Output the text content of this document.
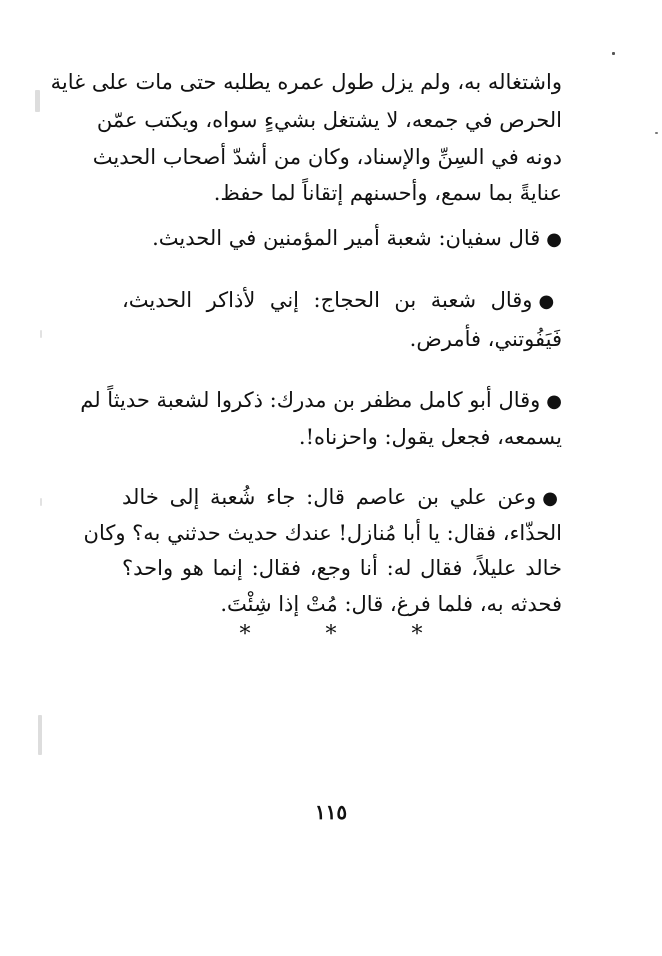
واشتغاله به، ولم يزل طول عمره يطلبه حتى مات على غاية
الحرص في جمعه، لا يشتغل بشيءٍ سواه، ويكتب عمّن
دونه في السِنِّ والإسناد، وكان من أشدّ أصحاب الحديث
عنايةً بما سمع، وأحسنهم إتقاناً لما حفظ.
●قال سفيان: شعبة أمير المؤمنين في الحديث.
●وقال شعبة بن الحجاج: إني لأذاكر الحديث،
فَيَفُوتني، فأمرض.
●وقال أبو كامل مظفر بن مدرك: ذكروا لشعبة حديثاً لم
يسمعه، فجعل يقول: واحزناه!.
●وعن علي بن عاصم قال: جاء شُعبة إلى خالد
الحذّاء، فقال: يا أبا مُنازل! عندك حديث حدثني به؟ وكان
خالد عليلاً، فقال له: أنا وجع، فقال: إنما هو واحد؟
فحدثه به، فلما فرغ، قال: مُتْ إذا شِئْتَ.
* * *
١١٥
